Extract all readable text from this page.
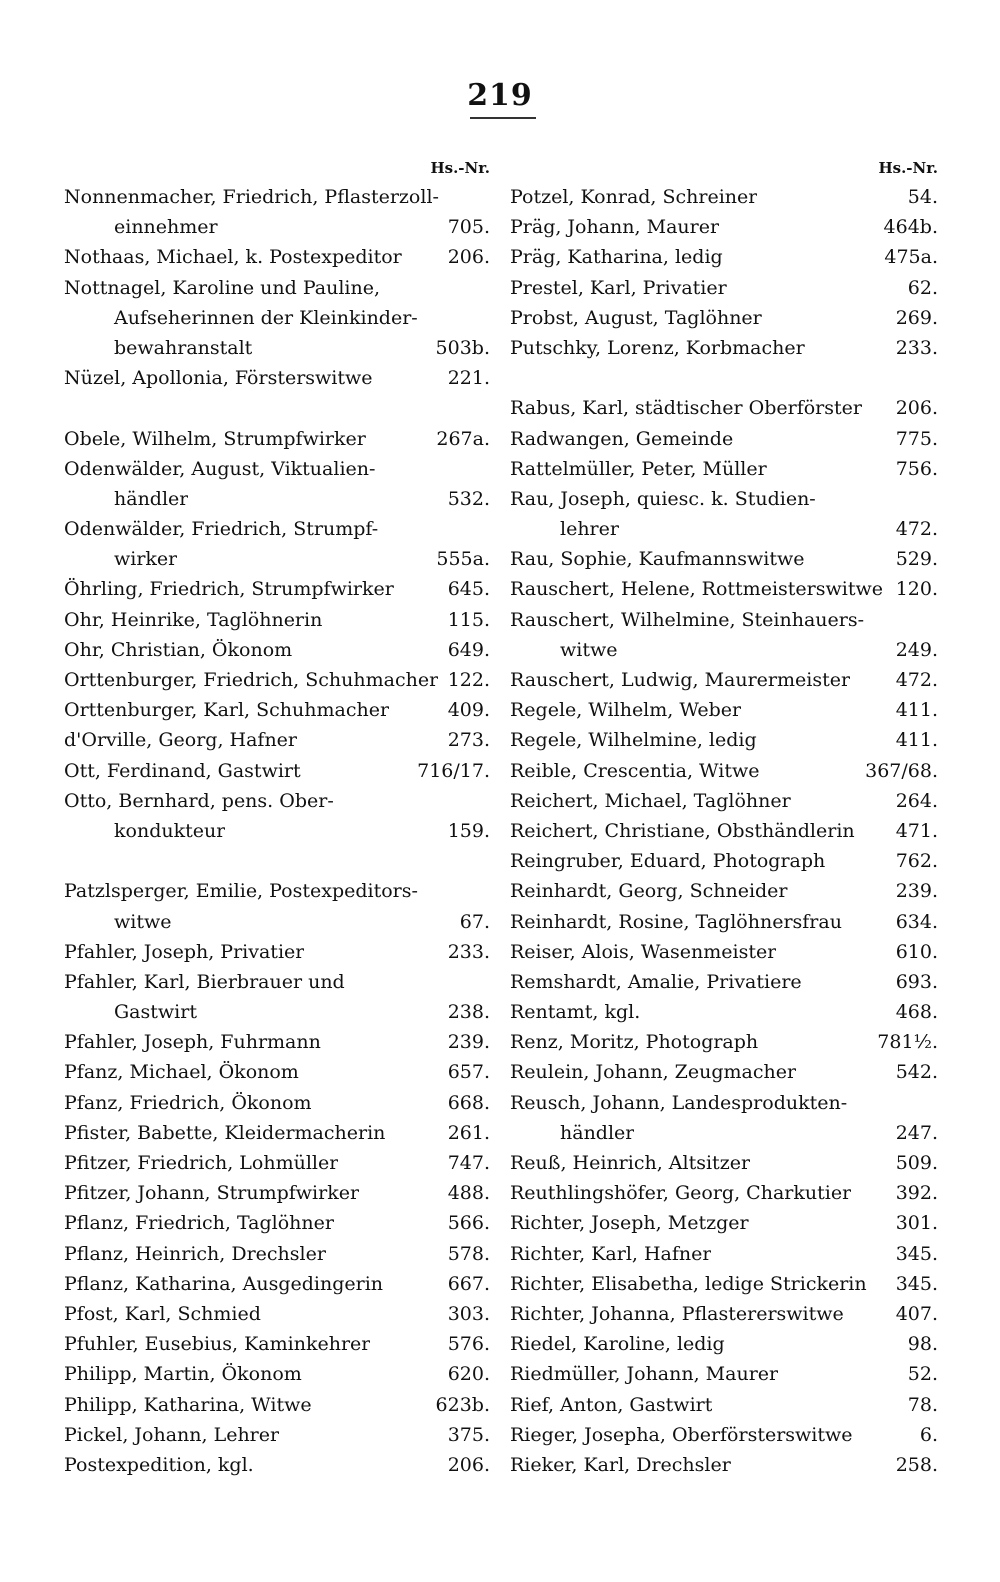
219
Hs.-Nr.
Nonnenmacher, Friedrich, Pflasterzoll-
einnehmer	705.
Nothaas, Michael, k. Postexpeditor	206.
Nottnagel, Karoline und Pauline,
Aufseherinnen der Kleinkinder-
bewahranstalt	503b.
Nüzel, Apollonia, Försterswitwe	221.
Obele, Wilhelm, Strumpfwirker	267a.
Odenwälder, August, Viktualien-
händler	532.
Odenwälder, Friedrich, Strumpf-
wirker	555a.
Öhrling, Friedrich, Strumpfwirker	645.
Ohr, Heinrike, Taglöhnerin	115.
Ohr, Christian, Ökonom	649.
Orttenburger, Friedrich, Schuhmacher 122.
Orttenburger, Karl, Schuhmacher	409.
d'Orville, Georg, Hafner	273.
Ott, Ferdinand, Gastwirt	716/17.
Otto, Bernhard, pens. Ober-
kondukteur	159.
Patzlsperger, Emilie, Postexpeditors-
witwe	67.
Pfahler, Joseph, Privatier	233.
Pfahler, Karl, Bierbrauer und
Gastwirt	238.
Pfahler, Joseph, Fuhrmann	239.
Pfanz, Michael, Ökonom	657.
Pfanz, Friedrich, Ökonom	668.
Pfister, Babette, Kleidermacherin	261.
Pfitzer, Friedrich, Lohmüller	747.
Pfitzer, Johann, Strumpfwirker	488.
Pflanz, Friedrich, Taglöhner	566.
Pflanz, Heinrich, Drechsler	578.
Pflanz, Katharina, Ausgedingerin	667.
Pfost, Karl, Schmied	303.
Pfuhler, Eusebius, Kaminkehrer	576.
Philipp, Martin, Ökonom	620.
Philipp, Katharina, Witwe	623b.
Pickel, Johann, Lehrer	375.
Postexpedition, kgl.	206.
Hs.-Nr.
Potzel, Konrad, Schreiner	54.
Präg, Johann, Maurer	464b.
Präg, Katharina, ledig	475a.
Prestel, Karl, Privatier	62.
Probst, August, Taglöhner	269.
Putschky, Lorenz, Korbmacher	233.
Rabus, Karl, städtischer Oberförster	206.
Radwangen, Gemeinde	775.
Rattelmüller, Peter, Müller	756.
Rau, Joseph, quiesc. k. Studien-
lehrer	472.
Rau, Sophie, Kaufmannswitwe	529.
Rauschert, Helene, Rottmeisterswitwe 120.
Rauschert, Wilhelmine, Steinhauers-
witwe	249.
Rauschert, Ludwig, Maurermeister	472.
Regele, Wilhelm, Weber	411.
Regele, Wilhelmine, ledig	411.
Reible, Crescentia, Witwe	367/68.
Reichert, Michael, Taglöhner	264.
Reichert, Christiane, Obsthändlerin	471.
Reingruber, Eduard, Photograph	762.
Reinhardt, Georg, Schneider	239.
Reinhardt, Rosine, Taglöhnersfrau	634.
Reiser, Alois, Wasenmeister	610.
Remshardt, Amalie, Privatiere	693.
Rentamt, kgl.	468.
Renz, Moritz, Photograph	781½.
Reulein, Johann, Zeugmacher	542.
Reusch, Johann, Landesprodukten-
händler	247.
Reuß, Heinrich, Altsitzer	509.
Reuthlingshöfer, Georg, Charkutier	392.
Richter, Joseph, Metzger	301.
Richter, Karl, Hafner	345.
Richter, Elisabetha, ledige Strickerin	345.
Richter, Johanna, Pflastererswitwe	407.
Riedel, Karoline, ledig	98.
Riedmüller, Johann, Maurer	52.
Rief, Anton, Gastwirt	78.
Rieger, Josepha, Oberförsterswitwe	6.
Rieker, Karl, Drechsler	258.
